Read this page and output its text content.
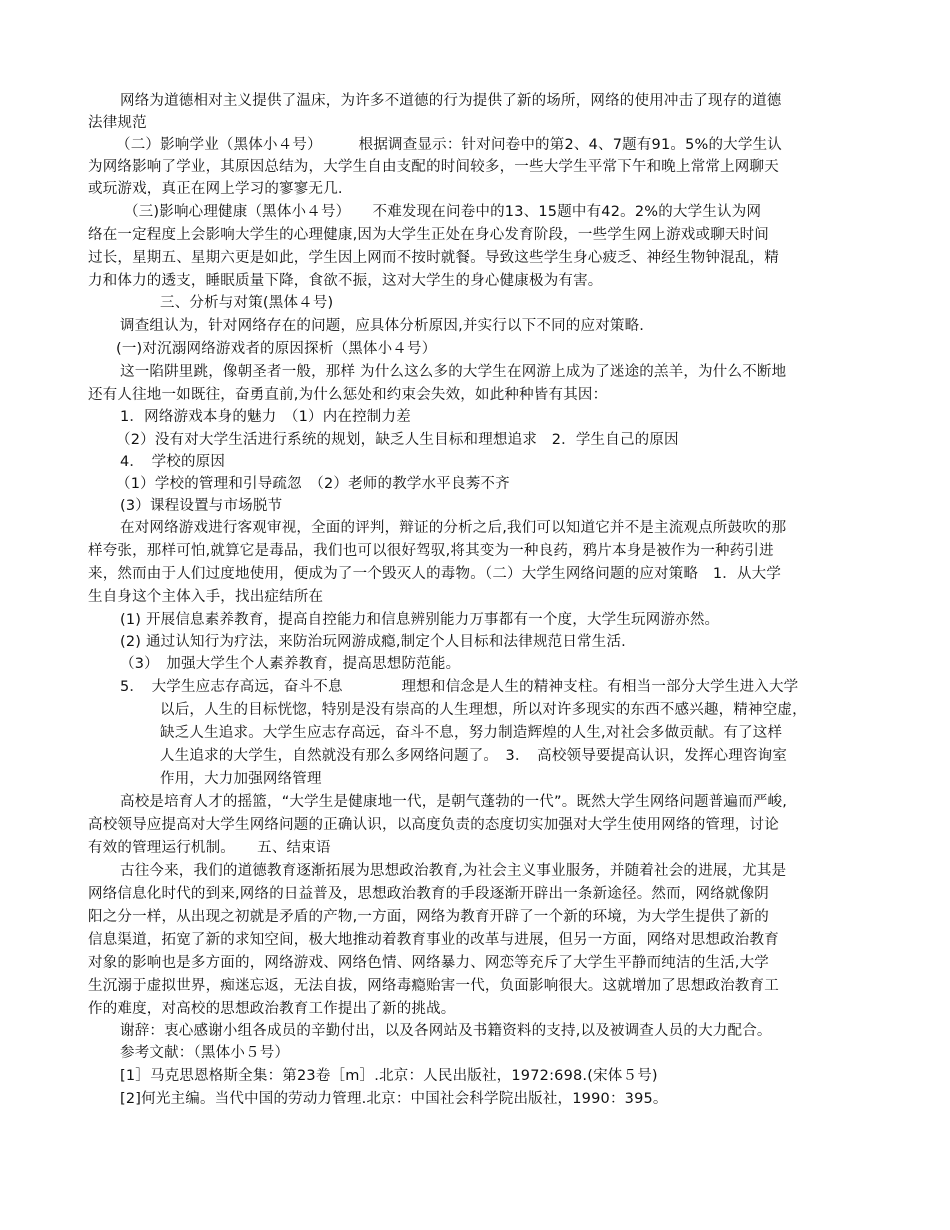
网络为道德相对主义提供了温床，为许多不道德的行为提供了新的场所，网络的使用冲击了现存的道德
法律规范
（二）影响学业（黑体小４号）　　　根据调查显示：针对问卷中的第2、4、7题有91。5%的大学生认
为网络影响了学业，其原因总结为，大学生自由支配的时间较多，一些大学生平常下午和晚上常常上网聊天
或玩游戏，真正在网上学习的寥寥无几.
（三)影响心理健康（黑体小４号）　　不难发现在问卷中的13、15题中有42。2%的大学生认为网
络在一定程度上会影响大学生的心理健康,因为大学生正处在身心发育阶段，一些学生网上游戏或聊天时间
过长，星期五、星期六更是如此，学生因上网而不按时就餐。导致这些学生身心疲乏、神经生物钟混乱，精
力和体力的透支，睡眠质量下降，食欲不振，这对大学生的身心健康极为有害。
三、分析与对策(黑体４号)
调查组认为，针对网络存在的问题，应具体分析原因,并实行以下不同的应对策略.
(一)对沉溺网络游戏者的原因探析（黑体小４号）
这一陷阱里跳，像朝圣者一般，那样 为什么这么多的大学生在网游上成为了迷途的羔羊，为什么不断地
还有人往地一如既往，奋勇直前,为什么惩处和约束会失效，如此种种皆有其因：
1．网络游戏本身的魅力　（1）内在控制力差
（2）没有对大学生活进行系统的规划，缺乏人生目标和理想追求　2．学生自己的原因
4．　学校的原因
（1）学校的管理和引导疏忽　（2）老师的教学水平良莠不齐
(3）课程设置与市场脱节
在对网络游戏进行客观审视，全面的评判，辩证的分析之后,我们可以知道它并不是主流观点所鼓吹的那
样夸张，那样可怕,就算它是毒品，我们也可以很好驾驭,将其变为一种良药，鸦片本身是被作为一种药引进
来，然而由于人们过度地使用，便成为了一个毁灭人的毒物。（二）大学生网络问题的应对策略　1．从大学
生自身这个主体入手，找出症结所在
(1) 开展信息素养教育，提高自控能力和信息辨别能力万事都有一个度，大学生玩网游亦然。
(2) 通过认知行为疗法，来防治玩网游成瘾,制定个人目标和法律规范日常生活.
（3）　加强大学生个人素养教育，提高思想防范能。
5．　大学生应志存高远，奋斗不息　　　　理想和信念是人生的精神支柱。有相当一部分大学生进入大学
以后，人生的目标恍惚，特别是没有崇高的人生理想，所以对许多现实的东西不感兴趣，精神空虚，
缺乏人生追求。大学生应志存高远，奋斗不息，努力制造辉煌的人生,对社会多做贡献。有了这样
人生追求的大学生，自然就没有那么多网络问题了。　3．　高校领导要提高认识，发挥心理咨询室
作用，大力加强网络管理
高校是培育人才的摇篮，“大学生是健康地一代，是朝气蓬勃的一代”。既然大学生网络问题普遍而严峻,
高校领导应提高对大学生网络问题的正确认识，以高度负责的态度切实加强对大学生使用网络的管理，讨论
有效的管理运行机制。　　五、结束语
古往今来，我们的道德教育逐渐拓展为思想政治教育,为社会主义事业服务，并随着社会的进展，尤其是
网络信息化时代的到来,网络的日益普及，思想政治教育的手段逐渐开辟出一条新途径。然而，网络就像阴
阳之分一样，从出现之初就是矛盾的产物,一方面，网络为教育开辟了一个新的环境，为大学生提供了新的
信息渠道，拓宽了新的求知空间，极大地推动着教育事业的改革与进展，但另一方面，网络对思想政治教育
对象的影响也是多方面的，网络游戏、网络色情、网络暴力、网恋等充斥了大学生平静而纯洁的生活,大学
生沉溺于虚拟世界，痴迷忘返，无法自拔，网络毒瘾贻害一代，负面影响很大。这就增加了思想政治教育工
作的难度，对高校的思想政治教育工作提出了新的挑战。
谢辞：衷心感谢小组各成员的辛勤付出，以及各网站及书籍资料的支持,以及被调查人员的大力配合。
参考文献：（黑体小５号）
[1］马克思恩格斯全集：第23卷［m］.北京：人民出版社，1972:698.(宋体５号)
[2]何光主编。当代中国的劳动力管理.北京：中国社会科学院出版社，1990：395。
